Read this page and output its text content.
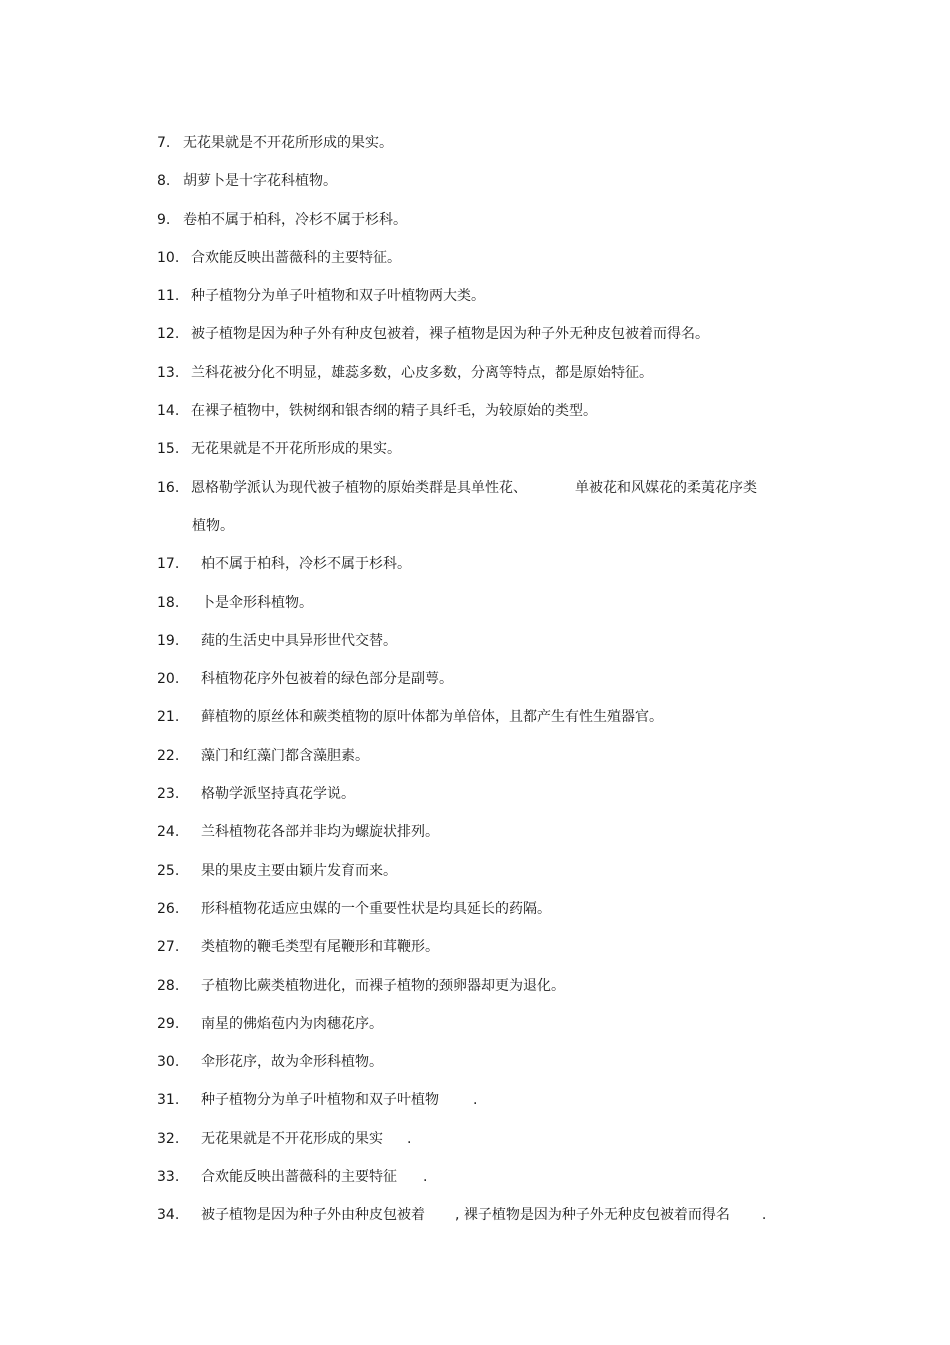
7. 无花果就是不开花所形成的果实。
8. 胡萝卜是十字花科植物。
9. 卷柏不属于柏科，冷杉不属于杉科。
10. 合欢能反映出蔷薇科的主要特征。
11. 种子植物分为单子叶植物和双子叶植物两大类。
12. 被子植物是因为种子外有种皮包被着，裸子植物是因为种子外无种皮包被着而得名。
13. 兰科花被分化不明显，雄蕊多数，心皮多数，分离等特点，都是原始特征。
14. 在裸子植物中，铁树纲和银杏纲的精子具纤毛，为较原始的类型。
15. 无花果就是不开花所形成的果实。
16. 恩格勒学派认为现代被子植物的原始类群是具单性花、	单被花和风媒花的柔荑花序类
植物。
17.	柏不属于柏科，冷杉不属于杉科。
18.	卜是伞形科植物。
19.	莼的生活史中具异形世代交替。
20.	科植物花序外包被着的绿色部分是副萼。
21.	藓植物的原丝体和蕨类植物的原叶体都为单倍体，且都产生有性生殖器官。
22.	藻门和红藻门都含藻胆素。
23.	格勒学派坚持真花学说。
24.	兰科植物花各部并非均为螺旋状排列。
25.	果的果皮主要由颖片发育而来。
26.	形科植物花适应虫媒的一个重要性状是均具延长的药隔。
27.	类植物的鞭毛类型有尾鞭形和茸鞭形。
28.	子植物比蕨类植物进化，而裸子植物的颈卵器却更为退化。
29.	南星的佛焰苞内为肉穗花序。
30.	伞形花序，故为伞形科植物。
31.	种子植物分为单子叶植物和双子叶植物 .
32.	无花果就是不开花形成的果实 .
33.	合欢能反映出蔷薇科的主要特征 .
34.	被子植物是因为种子外由种皮包被着 , 裸子植物是因为种子外无种皮包被着而得名 .
